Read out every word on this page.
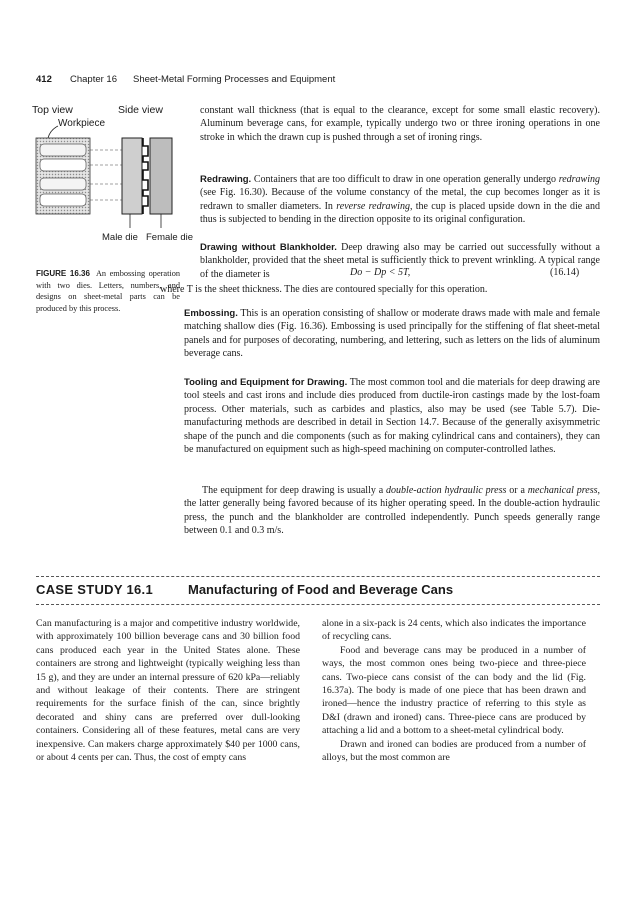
412 Chapter 16 Sheet-Metal Forming Processes and Equipment
Top view	Side view
Workpiece
Male die Female die
FIGURE 16.36 An embossing operation with two dies. Letters, numbers, and designs on sheet-metal parts can be produced by this process.
constant wall thickness (that is equal to the clearance, except for some small elastic recovery). Aluminum beverage cans, for example, typically undergo two or three ironing operations in one stroke in which the drawn cup is pushed through a set of ironing rings.
Redrawing. Containers that are too difficult to draw in one operation generally undergo redrawing (see Fig. 16.30). Because of the volume constancy of the metal, the cup becomes longer as it is redrawn to smaller diameters. In reverse redrawing, the cup is placed upside down in the die and thus is subjected to bending in the direction opposite to its original configuration.
Drawing without Blankholder. Deep drawing also may be carried out successfully without a blankholder, provided that the sheet metal is sufficiently thick to prevent wrinkling. A typical range of the diameter is	Do − Dp < 5T,	(16.14)
where T is the sheet thickness. The dies are contoured specially for this operation.
Embossing. This is an operation consisting of shallow or moderate draws made with male and female matching shallow dies (Fig. 16.36). Embossing is used principally for the stiffening of flat sheet-metal panels and for purposes of decorating, numbering, and lettering, such as letters on the lids of aluminum beverage cans.
Tooling and Equipment for Drawing. The most common tool and die materials for deep drawing are tool steels and cast irons and include dies produced from ductile-iron castings made by the lost-foam process. Other materials, such as carbides and plastics, also may be used (see Table 5.7). Die-manufacturing methods are described in detail in Section 14.7. Because of the generally axisymmetric shape of the punch and die components (such as for making cylindrical cans and containers), they can be manufactured on equipment such as high-speed machining on computer-controlled lathes.
The equipment for deep drawing is usually a double-action hydraulic press or a mechanical press, the latter generally being favored because of its higher operating speed. In the double-action hydraulic press, the punch and the blankholder are controlled independently. Punch speeds generally range between 0.1 and 0.3 m/s.
CASE STUDY 16.1	Manufacturing of Food and Beverage Cans
Can manufacturing is a major and competitive industry worldwide, with approximately 100 billion beverage cans and 30 billion food cans produced each year in the United States alone. These containers are strong and lightweight (typically weighing less than 15 g), and they are under an internal pressure of 620 kPa—reliably and without leakage of their contents. There are stringent requirements for the surface finish of the can, since brightly decorated and shiny cans are preferred over dull-looking containers. Considering all of these features, metal cans are very inexpensive. Can makers charge approximately $40 per 1000 cans, or about 4 cents per can. Thus, the cost of empty cans
alone in a six-pack is 24 cents, which also indicates the importance of recycling cans.
Food and beverage cans may be produced in a number of ways, the most common ones being two-piece and three-piece cans. Two-piece cans consist of the can body and the lid (Fig. 16.37a). The body is made of one piece that has been drawn and ironed—hence the industry practice of referring to this style as D&I (drawn and ironed) cans. Three-piece cans are produced by attaching a lid and a bottom to a sheet-metal cylindrical body.
Drawn and ironed can bodies are produced from a number of alloys, but the most common are
